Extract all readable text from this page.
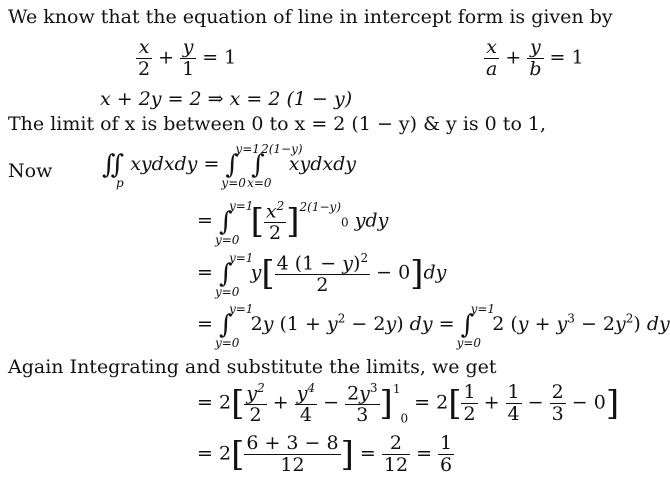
We know that the equation of line in intercept form is given by
$\frac{x}{2} + \frac{y}{1} = 1$	$\frac{x}{a} + \frac{y}{b} = 1$
x + 2y = 2 ⇒ x = 2 (1 − y)
The limit of x is between 0 to x = 2 (1 − y) & y is 0 to 1,
Now ∬
p
xydxdy = ∫
y=1
y=0
∫
2(1−y)
x=0
xydxdy
= ∫
y=1
y=0 [ $\frac{x^2}{2} ]^{2(1-y)}0$ ydy
= ∫
y=1
y=0
$y[ \frac{4 (1 - y)^2}{2} - 0]dy$
= ∫
y=1
y=0
2y $(1 + y^2 - 2y)$ dy = ∫
y=1
y=0
2 $(y + y^3 - 2y^2)$ dy
Again Integrating and substitute the limits, we get
= $2[ \frac{y^2}{2} + \frac{y^4}{4} - \frac{2y^3}{3} ]^10 = 2[ \frac{1}{2} + \frac{1}{4} - \frac{2}{3} - 0]$
= $2[ \frac{6 + 3 - 8}{12}$ ] = $\frac{2}{12} = \frac{1}{6}$
